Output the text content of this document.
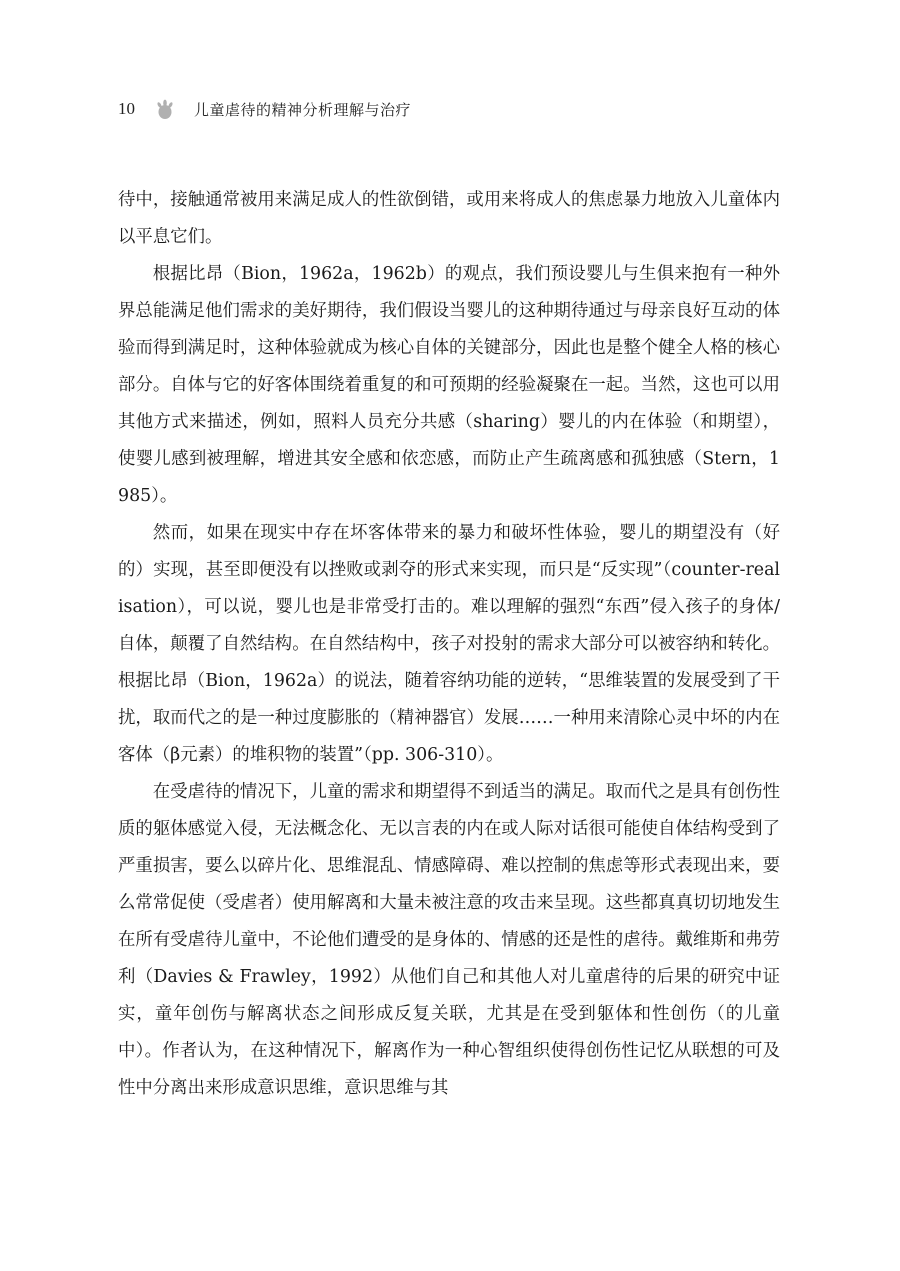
10	儿童虐待的精神分析理解与治疗

待中，接触通常被用来满足成人的性欲倒错，或用来将成人的焦虑暴力地放入儿童体内以平息它们。

根据比昂（Bion，1962a，1962b）的观点，我们预设婴儿与生俱来抱有一种外界总能满足他们需求的美好期待，我们假设当婴儿的这种期待通过与母亲良好互动的体验而得到满足时，这种体验就成为核心自体的关键部分，因此也是整个健全人格的核心部分。自体与它的好客体围绕着重复的和可预期的经验凝聚在一起。当然，这也可以用其他方式来描述，例如，照料人员充分共感（sharing）婴儿的内在体验（和期望），使婴儿感到被理解，增进其安全感和依恋感，而防止产生疏离感和孤独感（Stern，1985）。

然而，如果在现实中存在坏客体带来的暴力和破坏性体验，婴儿的期望没有（好的）实现，甚至即便没有以挫败或剥夺的形式来实现，而只是“反实现”（counter-realisation），可以说，婴儿也是非常受打击的。难以理解的强烈“东西”侵入孩子的身体/自体，颠覆了自然结构。在自然结构中，孩子对投射的需求大部分可以被容纳和转化。根据比昂（Bion，1962a）的说法，随着容纳功能的逆转，“思维装置的发展受到了干扰，取而代之的是一种过度膨胀的（精神器官）发展……一种用来清除心灵中坏的内在客体（β元素）的堆积物的装置”（pp. 306-310）。

在受虐待的情况下，儿童的需求和期望得不到适当的满足。取而代之是具有创伤性质的躯体感觉入侵，无法概念化、无以言表的内在或人际对话很可能使自体结构受到了严重损害，要么以碎片化、思维混乱、情感障碍、难以控制的焦虑等形式表现出来，要么常常促使（受虐者）使用解离和大量未被注意的攻击来呈现。这些都真真切切地发生在所有受虐待儿童中，不论他们遭受的是身体的、情感的还是性的虐待。戴维斯和弗劳利（Davies & Frawley，1992）从他们自己和其他人对儿童虐待的后果的研究中证实，童年创伤与解离状态之间形成反复关联，尤其是在受到躯体和性创伤（的儿童中）。作者认为，在这种情况下，解离作为一种心智组织使得创伤性记忆从联想的可及性中分离出来形成意识思维，意识思维与其
